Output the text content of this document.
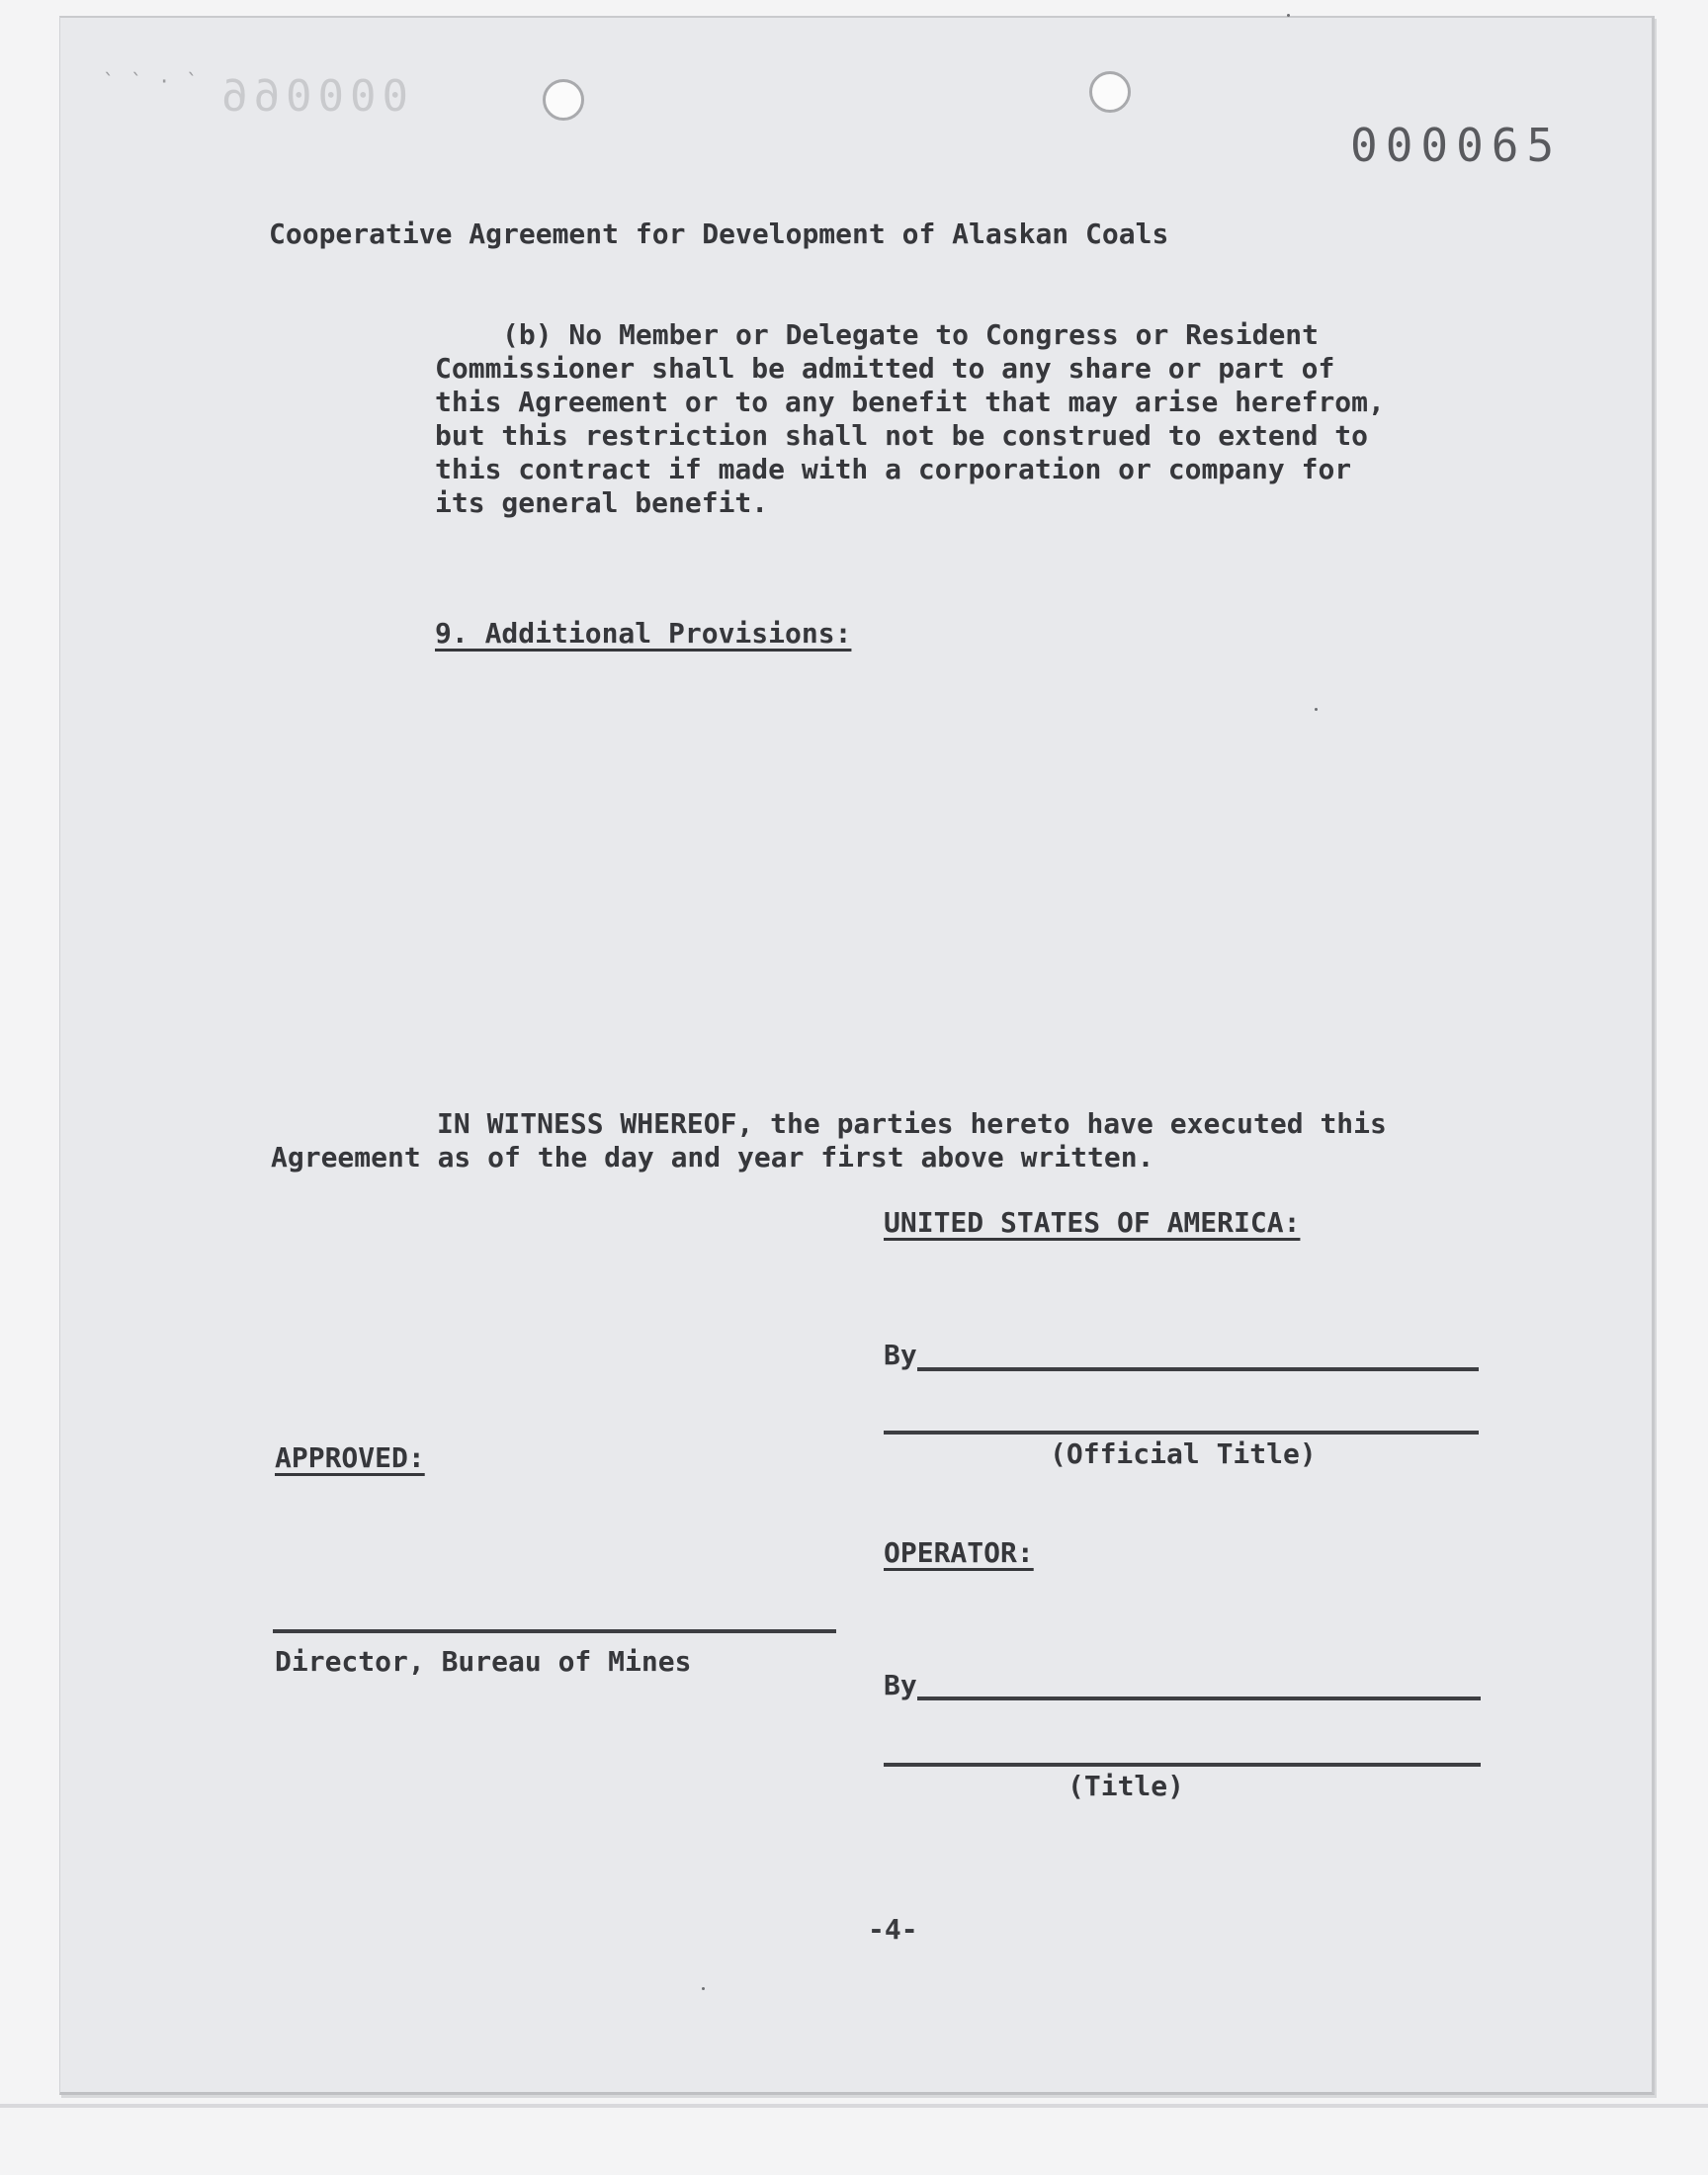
` ` · ` 000066
000065
Cooperative Agreement for Development of Alaskan Coals
(b) No Member or Delegate to Congress or Resident
Commissioner shall be admitted to any share or part of
this Agreement or to any benefit that may arise herefrom,
but this restriction shall not be construed to extend to
this contract if made with a corporation or company for
its general benefit.
9. Additional Provisions:
IN WITNESS WHEREOF, the parties hereto have executed this
Agreement as of the day and year first above written.
UNITED STATES OF AMERICA:
By
(Official Title)
APPROVED:
OPERATOR:
Director, Bureau of Mines
By
(Title)
-4-
